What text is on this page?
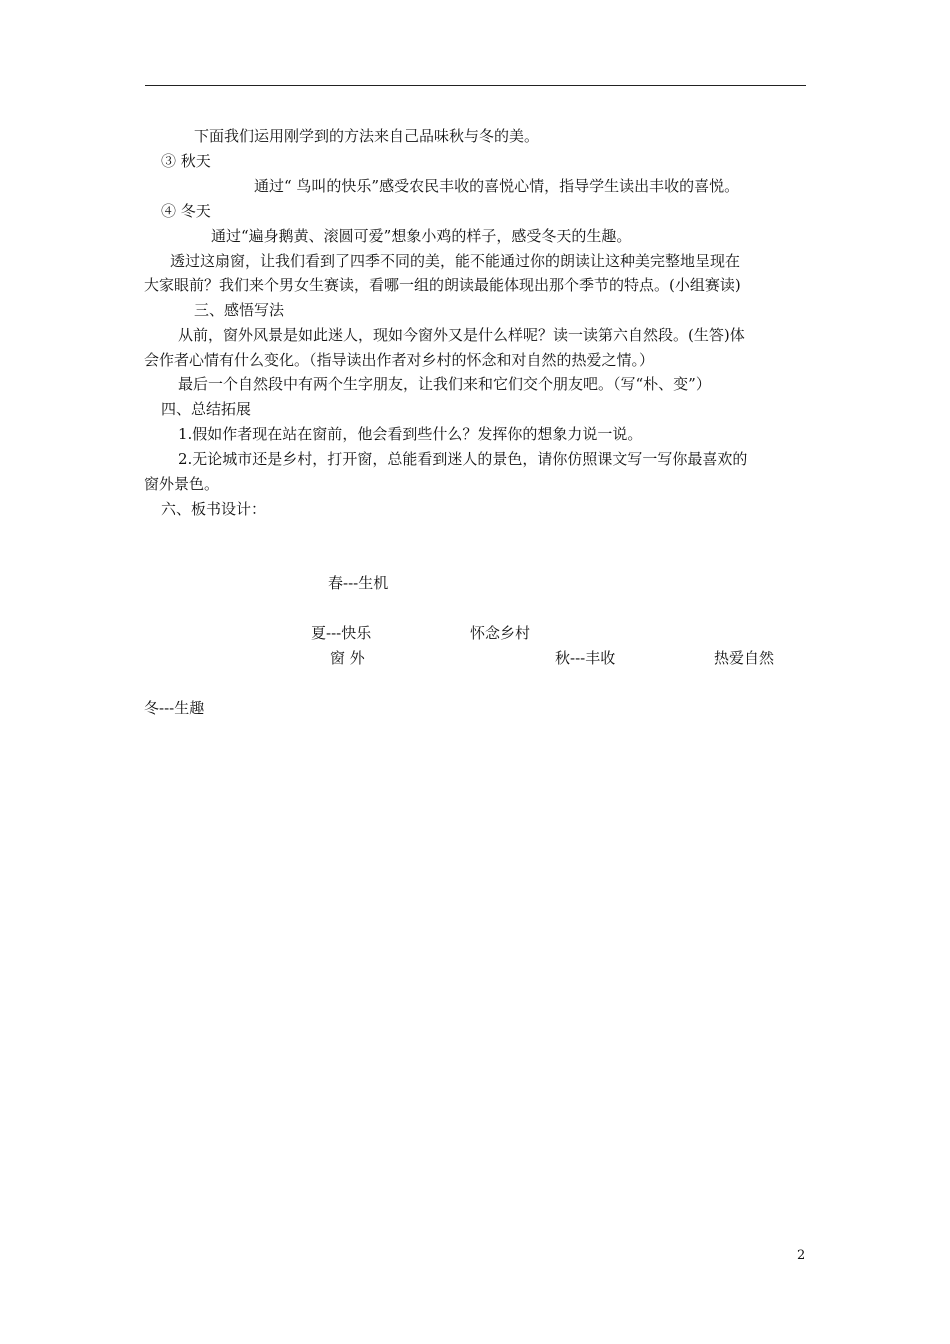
下面我们运用刚学到的方法来自己品味秋与冬的美。
③ 秋天
通过“ 鸟叫的快乐”感受农民丰收的喜悦心情，指导学生读出丰收的喜悦。
④ 冬天
通过“遍身鹅黄、滚圆可爱”想象小鸡的样子，感受冬天的生趣。
透过这扇窗，让我们看到了四季不同的美，能不能通过你的朗读让这种美完整地呈现在
大家眼前？我们来个男女生赛读，看哪一组的朗读最能体现出那个季节的特点。(小组赛读)
三、感悟写法
从前，窗外风景是如此迷人，现如今窗外又是什么样呢？读一读第六自然段。(生答)体
会作者心情有什么变化。（指导读出作者对乡村的怀念和对自然的热爱之情。）
最后一个自然段中有两个生字朋友，让我们来和它们交个朋友吧。（写“朴、变”）
四、总结拓展
1.假如作者现在站在窗前，他会看到些什么？发挥你的想象力说一说。
2.无论城市还是乡村，打开窗，总能看到迷人的景色，请你仿照课文写一写你最喜欢的
窗外景色。
六、板书设计：
春---生机
夏---快乐	怀念乡村
窗 外	秋---丰收	热爱自然
冬---生趣
2
